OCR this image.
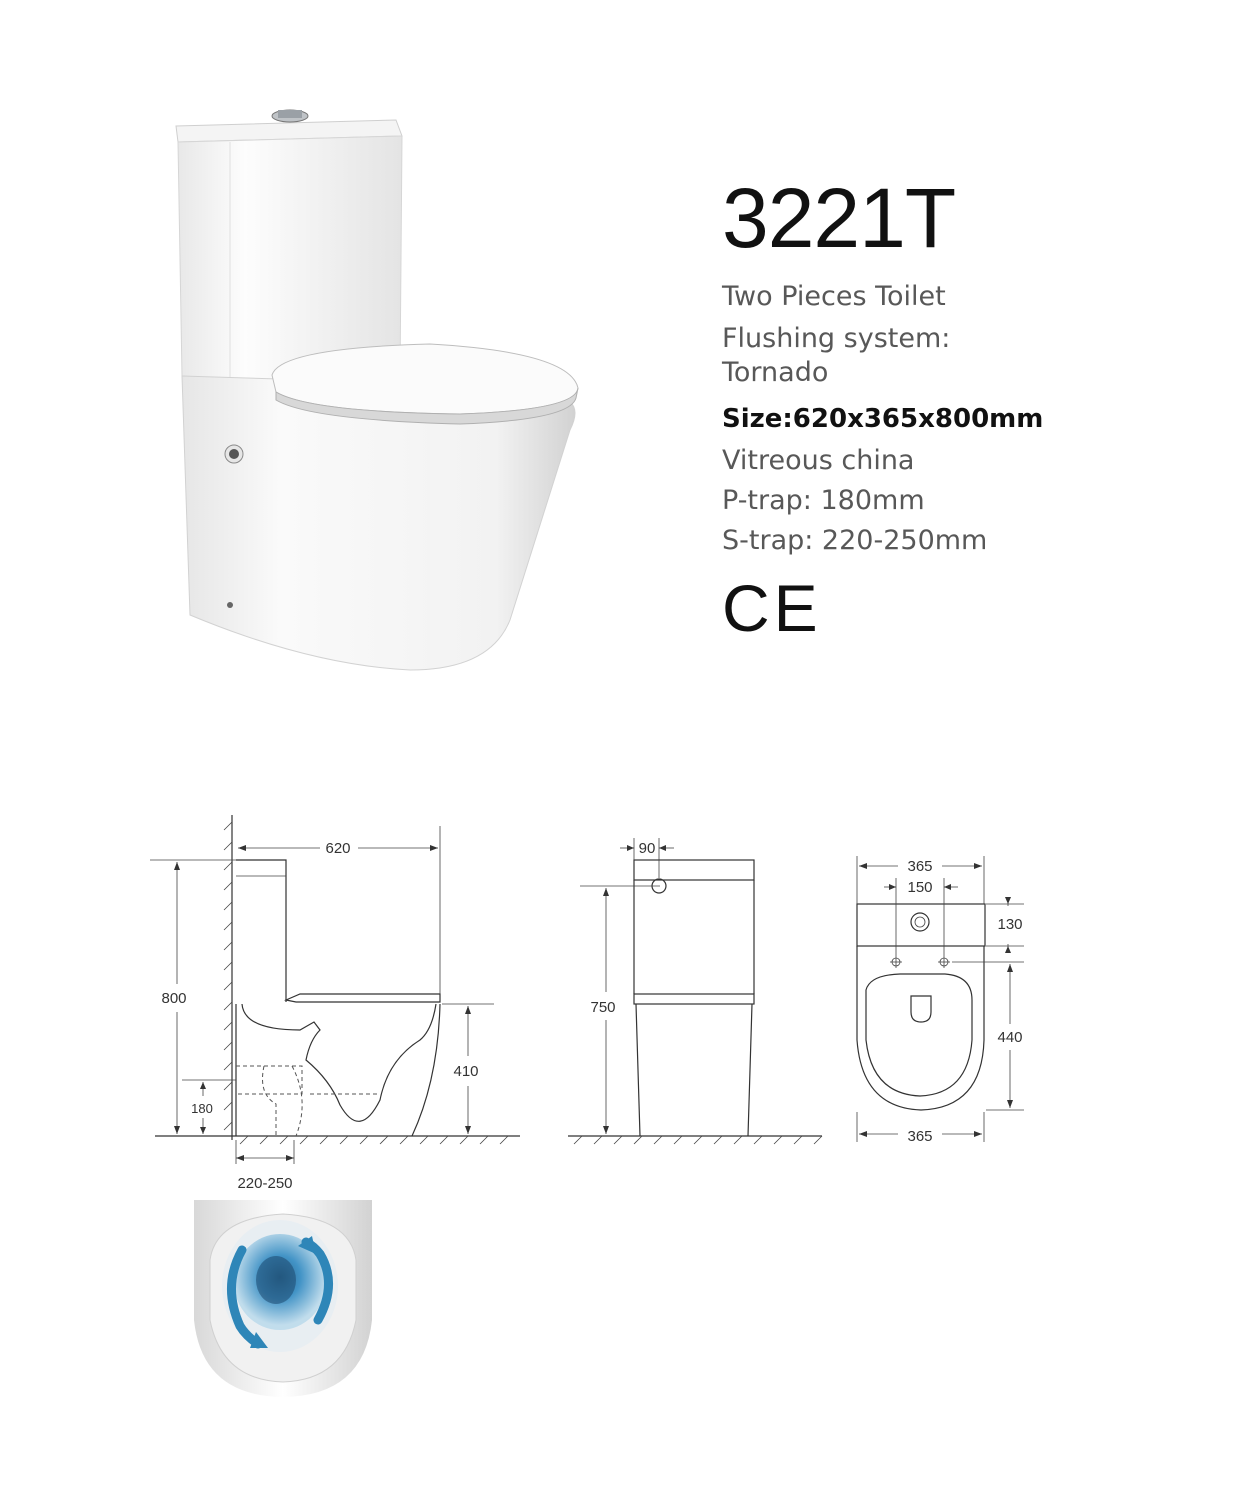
3221T
Two Pieces Toilet
Flushing system:
Tornado
Size:620x365x800mm
Vitreous china
P-trap: 180mm
S-trap: 220-250mm
CE
620
800
410
180
220-250
90
750
365
150
130
440
365
